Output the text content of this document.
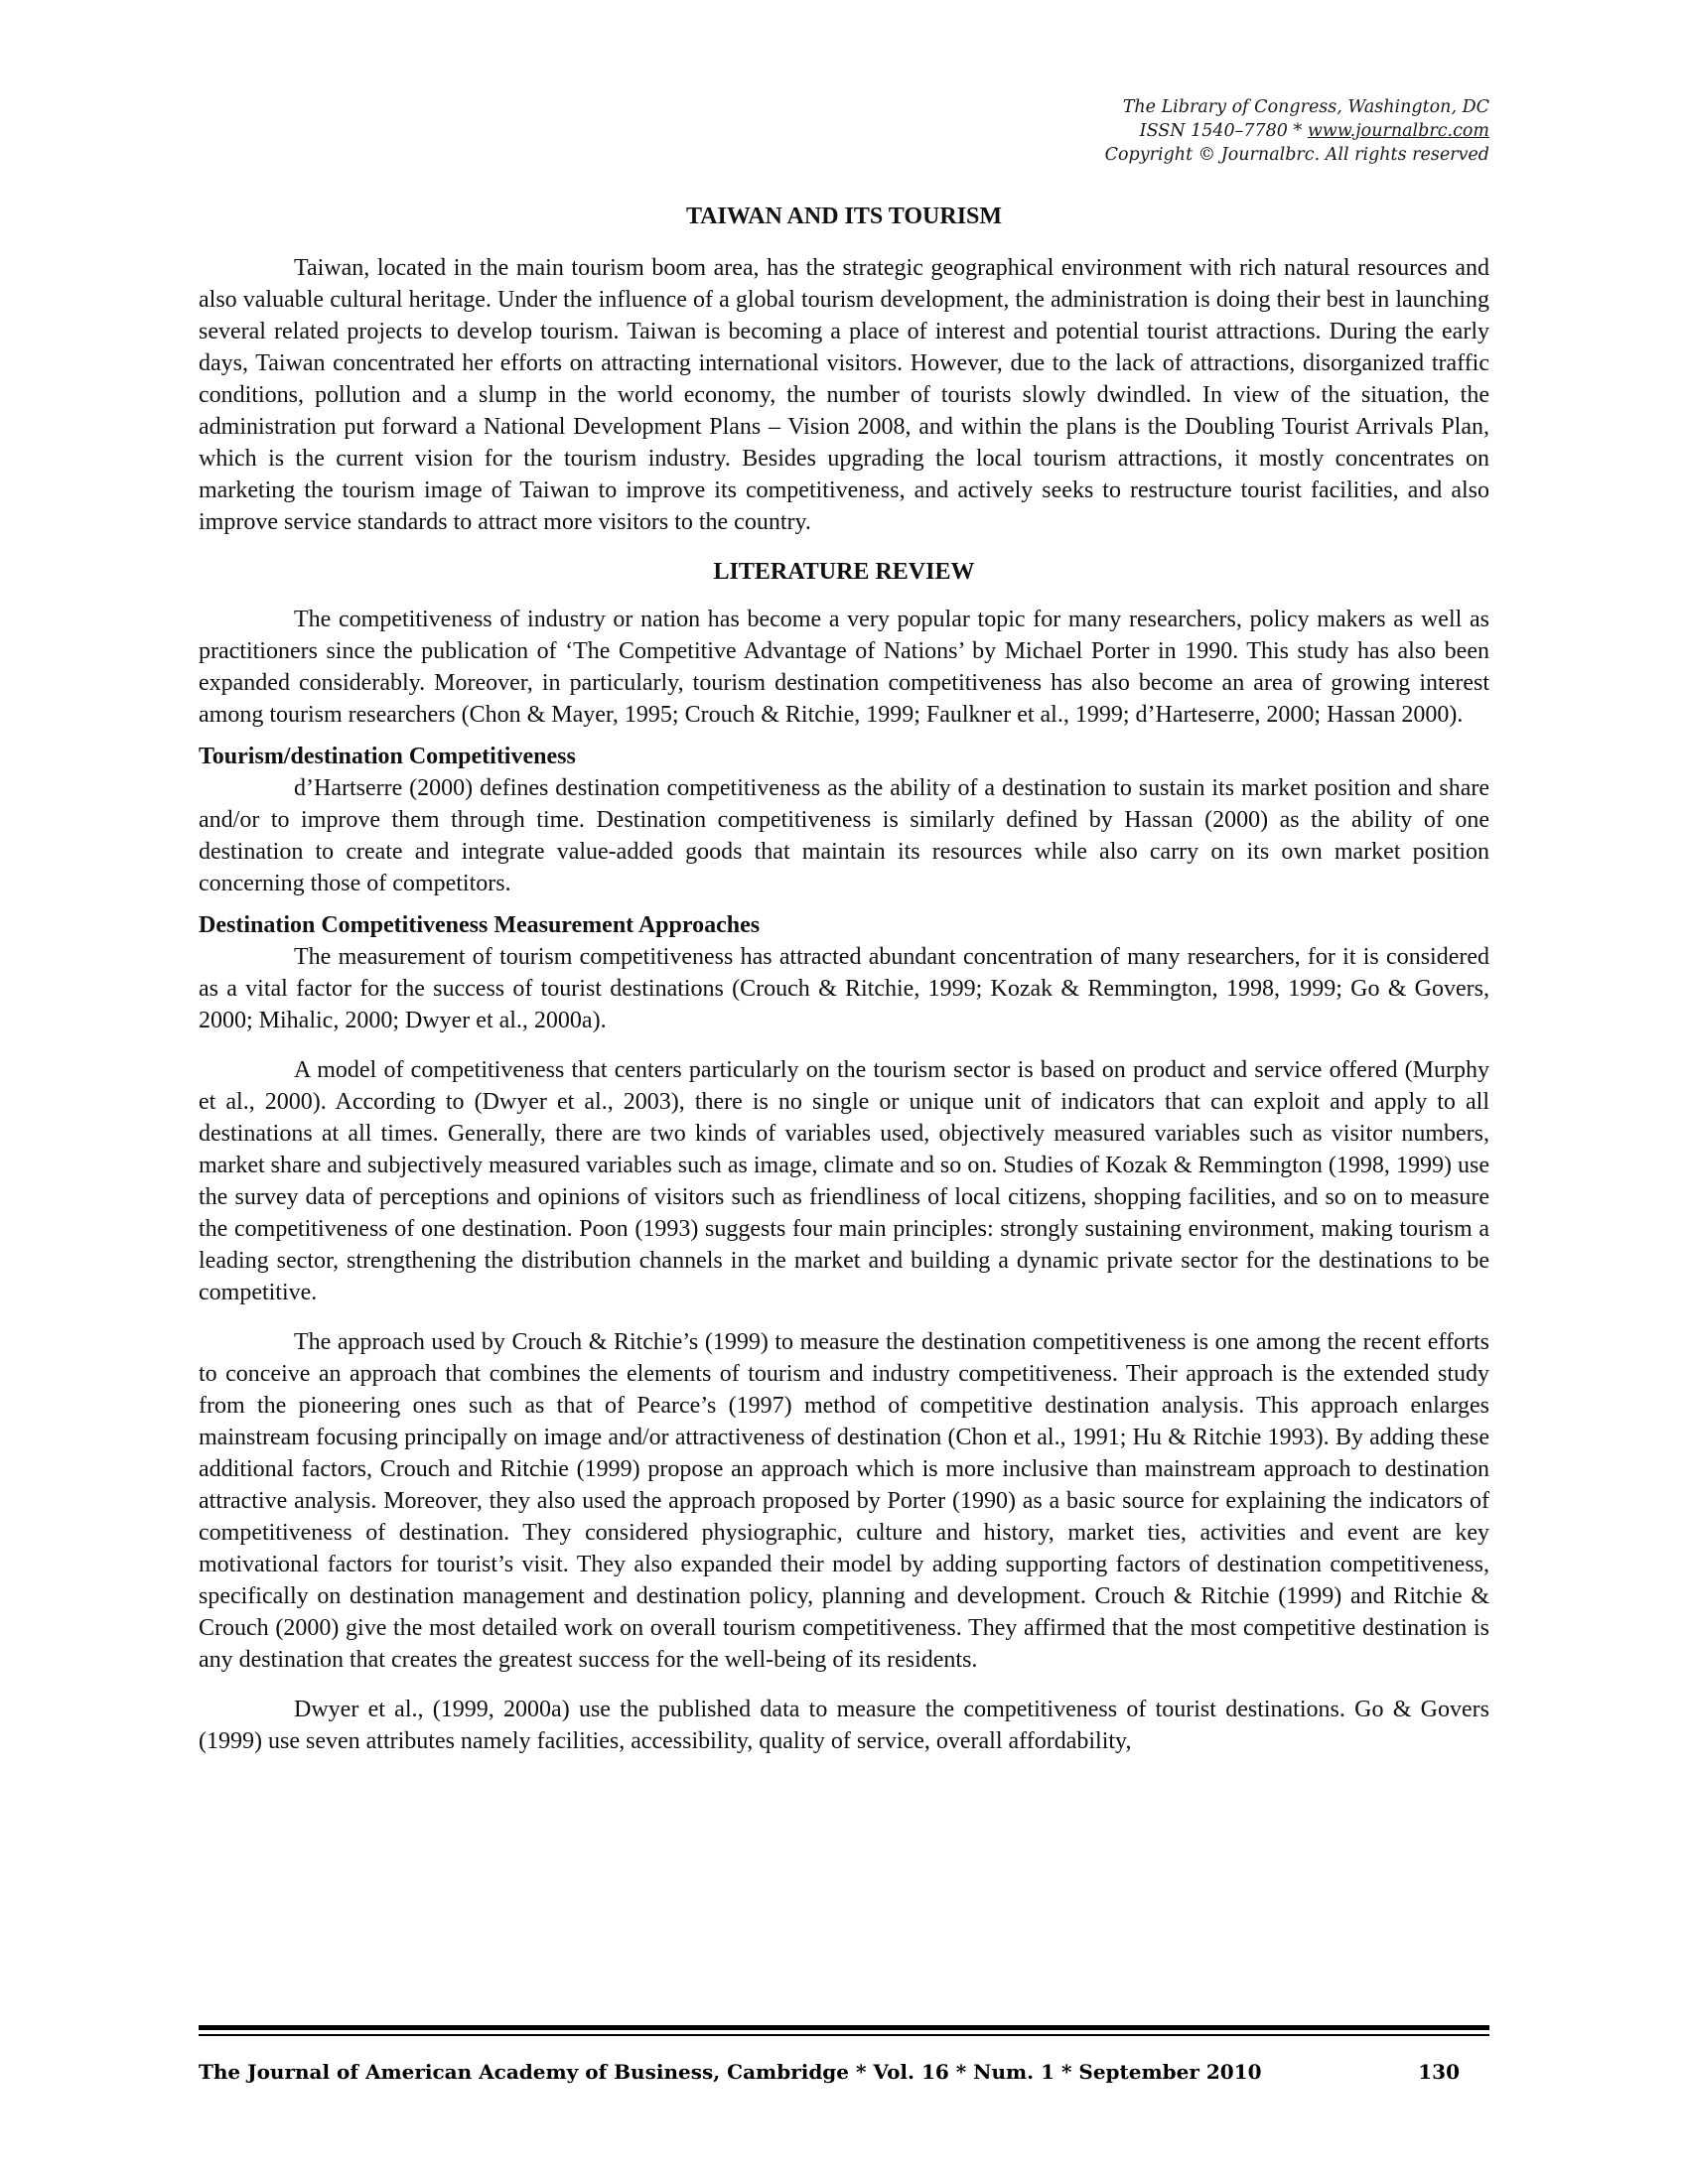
The Library of Congress, Washington, DC
ISSN 1540–7780 * www.journalbrc.com
Copyright © Journalbrc. All rights reserved
TAIWAN AND ITS TOURISM

Taiwan, located in the main tourism boom area, has the strategic geographical environment with rich natural resources and also valuable cultural heritage. Under the influence of a global tourism development, the administration is doing their best in launching several related projects to develop tourism. Taiwan is becoming a place of interest and potential tourist attractions. During the early days, Taiwan concentrated her efforts on attracting international visitors. However, due to the lack of attractions, disorganized traffic conditions, pollution and a slump in the world economy, the number of tourists slowly dwindled. In view of the situation, the administration put forward a National Development Plans – Vision 2008, and within the plans is the Doubling Tourist Arrivals Plan, which is the current vision for the tourism industry. Besides upgrading the local tourism attractions, it mostly concentrates on marketing the tourism image of Taiwan to improve its competitiveness, and actively seeks to restructure tourist facilities, and also improve service standards to attract more visitors to the country.

LITERATURE REVIEW

The competitiveness of industry or nation has become a very popular topic for many researchers, policy makers as well as practitioners since the publication of ‘The Competitive Advantage of Nations’ by Michael Porter in 1990. This study has also been expanded considerably. Moreover, in particularly, tourism destination competitiveness has also become an area of growing interest among tourism researchers (Chon & Mayer, 1995; Crouch & Ritchie, 1999; Faulkner et al., 1999; d’Harteserre, 2000; Hassan 2000).

Tourism/destination Competitiveness

d’Hartserre (2000) defines destination competitiveness as the ability of a destination to sustain its market position and share and/or to improve them through time. Destination competitiveness is similarly defined by Hassan (2000) as the ability of one destination to create and integrate value-added goods that maintain its resources while also carry on its own market position concerning those of competitors.

Destination Competitiveness Measurement Approaches

The measurement of tourism competitiveness has attracted abundant concentration of many researchers, for it is considered as a vital factor for the success of tourist destinations (Crouch & Ritchie, 1999; Kozak & Remmington, 1998, 1999; Go & Govers, 2000; Mihalic, 2000; Dwyer et al., 2000a).

A model of competitiveness that centers particularly on the tourism sector is based on product and service offered (Murphy et al., 2000). According to (Dwyer et al., 2003), there is no single or unique unit of indicators that can exploit and apply to all destinations at all times. Generally, there are two kinds of variables used, objectively measured variables such as visitor numbers, market share and subjectively measured variables such as image, climate and so on. Studies of Kozak & Remmington (1998, 1999) use the survey data of perceptions and opinions of visitors such as friendliness of local citizens, shopping facilities, and so on to measure the competitiveness of one destination. Poon (1993) suggests four main principles: strongly sustaining environment, making tourism a leading sector, strengthening the distribution channels in the market and building a dynamic private sector for the destinations to be competitive.

The approach used by Crouch & Ritchie’s (1999) to measure the destination competitiveness is one among the recent efforts to conceive an approach that combines the elements of tourism and industry competitiveness. Their approach is the extended study from the pioneering ones such as that of Pearce’s (1997) method of competitive destination analysis. This approach enlarges mainstream focusing principally on image and/or attractiveness of destination (Chon et al., 1991; Hu & Ritchie 1993). By adding these additional factors, Crouch and Ritchie (1999) propose an approach which is more inclusive than mainstream approach to destination attractive analysis. Moreover, they also used the approach proposed by Porter (1990) as a basic source for explaining the indicators of competitiveness of destination. They considered physiographic, culture and history, market ties, activities and event are key motivational factors for tourist’s visit. They also expanded their model by adding supporting factors of destination competitiveness, specifically on destination management and destination policy, planning and development. Crouch & Ritchie (1999) and Ritchie & Crouch (2000) give the most detailed work on overall tourism competitiveness. They affirmed that the most competitive destination is any destination that creates the greatest success for the well-being of its residents.

Dwyer et al., (1999, 2000a) use the published data to measure the competitiveness of tourist destinations. Go & Govers (1999) use seven attributes namely facilities, accessibility, quality of service, overall affordability,

The Journal of American Academy of Business, Cambridge * Vol. 16 * Num. 1 * September 2010	130
